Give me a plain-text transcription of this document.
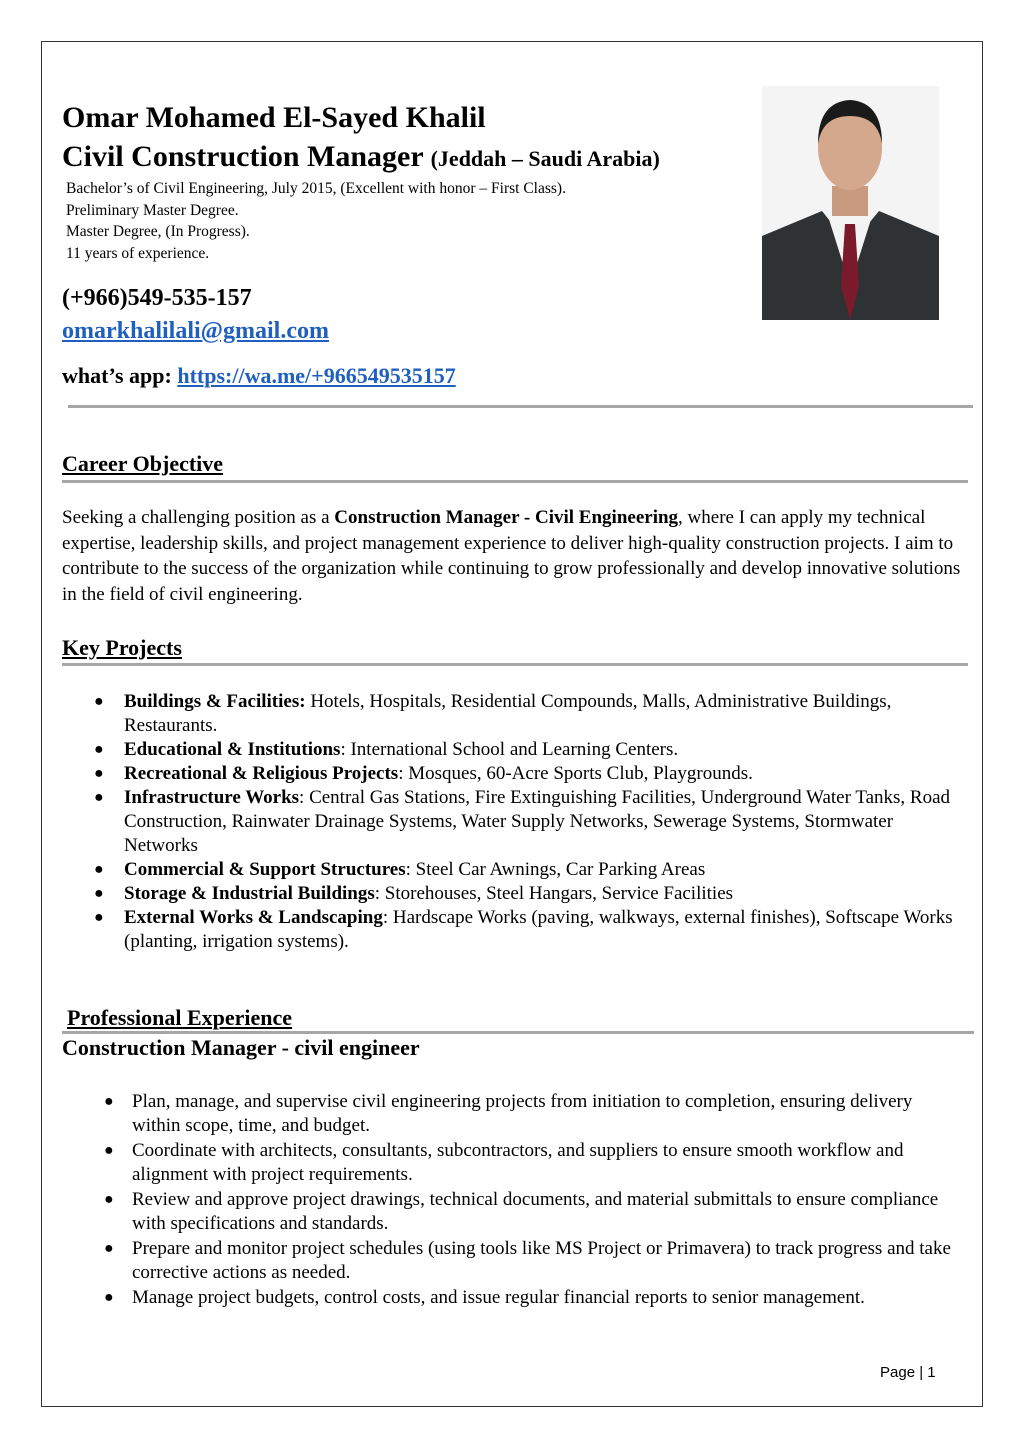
Omar Mohamed El-Sayed Khalil
Civil Construction Manager (Jeddah – Saudi Arabia)
Bachelor’s of Civil Engineering, July 2015, (Excellent with honor – First Class).
Preliminary Master Degree.
Master Degree, (In Progress).
11 years of experience.
(+966)549-535-157
omarkhalilali@gmail.com
what’s app: https://wa.me/+966549535157
Career Objective
Seeking a challenging position as a Construction Manager - Civil Engineering, where I can apply my technical expertise, leadership skills, and project management experience to deliver high-quality construction projects. I aim to contribute to the success of the organization while continuing to grow professionally and develop innovative solutions in the field of civil engineering.
Key Projects
● Buildings & Facilities: Hotels, Hospitals, Residential Compounds, Malls, Administrative Buildings, Restaurants.
● Educational & Institutions: International School and Learning Centers.
● Recreational & Religious Projects: Mosques, 60-Acre Sports Club, Playgrounds.
● Infrastructure Works: Central Gas Stations, Fire Extinguishing Facilities, Underground Water Tanks, Road Construction, Rainwater Drainage Systems, Water Supply Networks, Sewerage Systems, Stormwater Networks
● Commercial & Support Structures: Steel Car Awnings, Car Parking Areas
● Storage & Industrial Buildings: Storehouses, Steel Hangars, Service Facilities
● External Works & Landscaping: Hardscape Works (paving, walkways, external finishes), Softscape Works (planting, irrigation systems).
Professional Experience
Construction Manager - civil engineer
● Plan, manage, and supervise civil engineering projects from initiation to completion, ensuring delivery within scope, time, and budget.
● Coordinate with architects, consultants, subcontractors, and suppliers to ensure smooth workflow and alignment with project requirements.
● Review and approve project drawings, technical documents, and material submittals to ensure compliance with specifications and standards.
● Prepare and monitor project schedules (using tools like MS Project or Primavera) to track progress and take corrective actions as needed.
● Manage project budgets, control costs, and issue regular financial reports to senior management.
Page | 1
